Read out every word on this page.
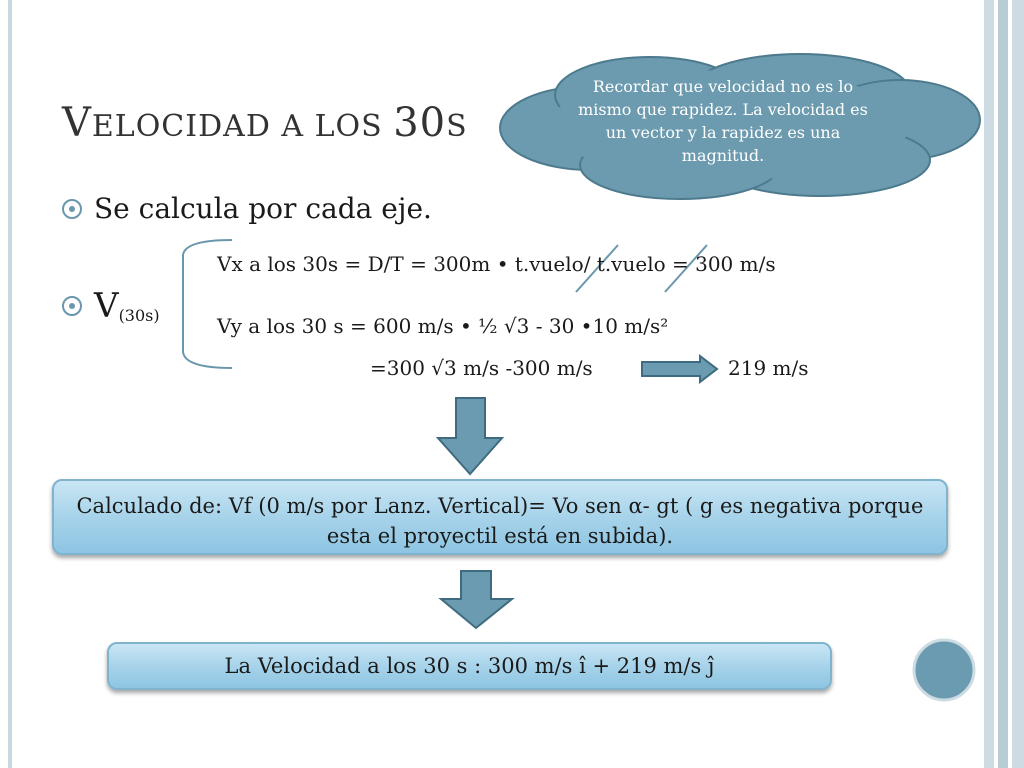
Recordar que velocidad no es lo mismo que rapidez. La velocidad es un vector y la rapidez es una magnitud.
VELOCIDAD A LOS 30S
Se calcula por cada eje.
$V_{(30s)}$
Vx a los 30s = D/T = 300m • t.vuelo/ t.vuelo = 300 m/s
Vy a los 30 s = 600 m/s • ½ √3 - 30 •10 m/s²
=300 √3 m/s -300 m/s	219 m/s
Calculado de: Vf (0 m/s por Lanz. Vertical)= Vo sen α- gt ( g es negativa porque esta el proyectil está en subida).
La Velocidad a los 30 s : 300 m/s î + 219 m/s ĵ
